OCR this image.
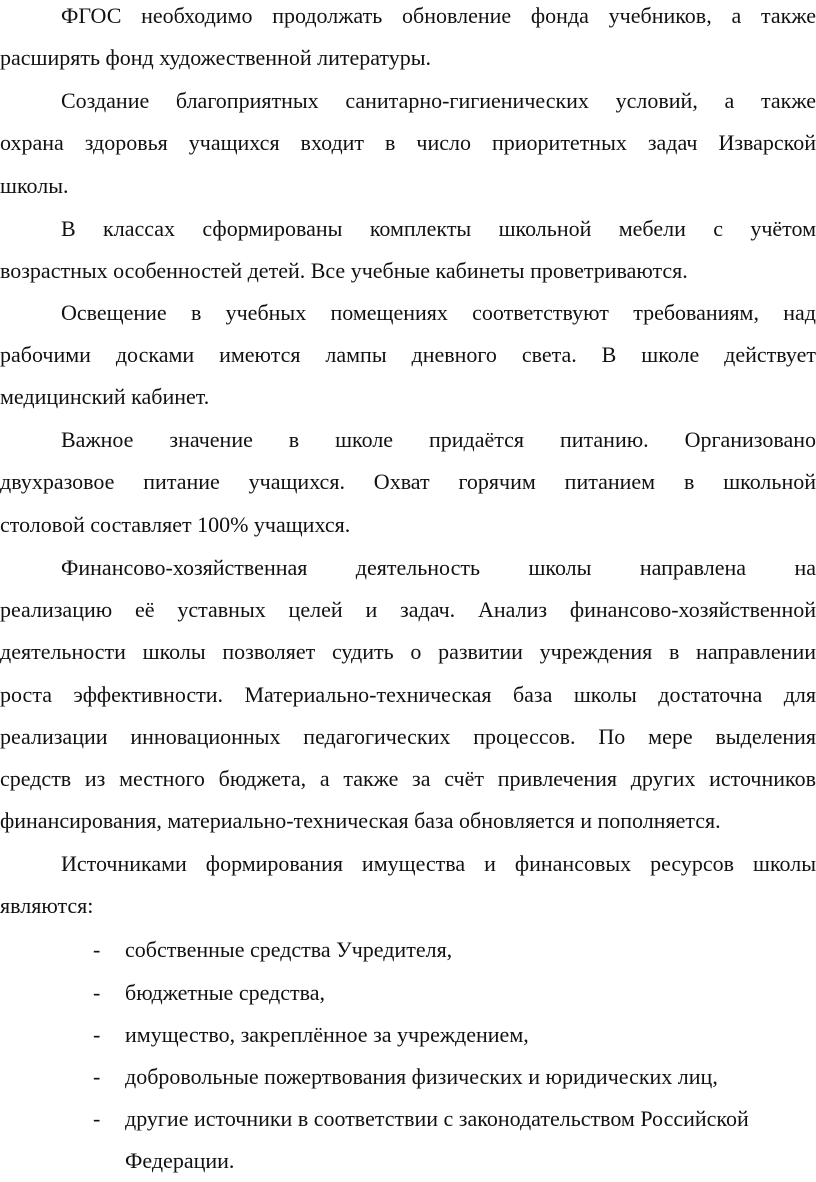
ФГОС необходимо продолжать обновление фонда учебников, а также

расширять фонд художественной литературы.

Создание благоприятных санитарно-гигиенических условий, а также

охрана здоровья учащихся входит в число приоритетных задач Изварской

школы.

В классах сформированы комплекты школьной мебели с учётом

возрастных особенностей детей. Все учебные кабинеты проветриваются.

Освещение в учебных помещениях соответствуют требованиям, над

рабочими досками имеются лампы дневного света. В школе действует

медицинский кабинет.

Важное значение в школе придаётся питанию. Организовано

двухразовое питание учащихся. Охват горячим питанием в школьной

столовой составляет 100% учащихся.

Финансово-хозяйственная деятельность школы направлена на

реализацию её уставных целей и задач. Анализ финансово-хозяйственной

деятельности школы позволяет судить о развитии учреждения в направлении

роста эффективности. Материально-техническая база школы достаточна для

реализации инновационных педагогических процессов. По мере выделения

средств из местного бюджета, а также за счёт привлечения других источников

финансирования, материально-техническая база обновляется и пополняется.

Источниками формирования имущества и финансовых ресурсов школы

являются:

- собственные средства Учредителя,
- бюджетные средства,
- имущество, закреплённое за учреждением,
- добровольные пожертвования физических и юридических лиц,
- другие источники в соответствии с законодательством Российской
Федерации.
